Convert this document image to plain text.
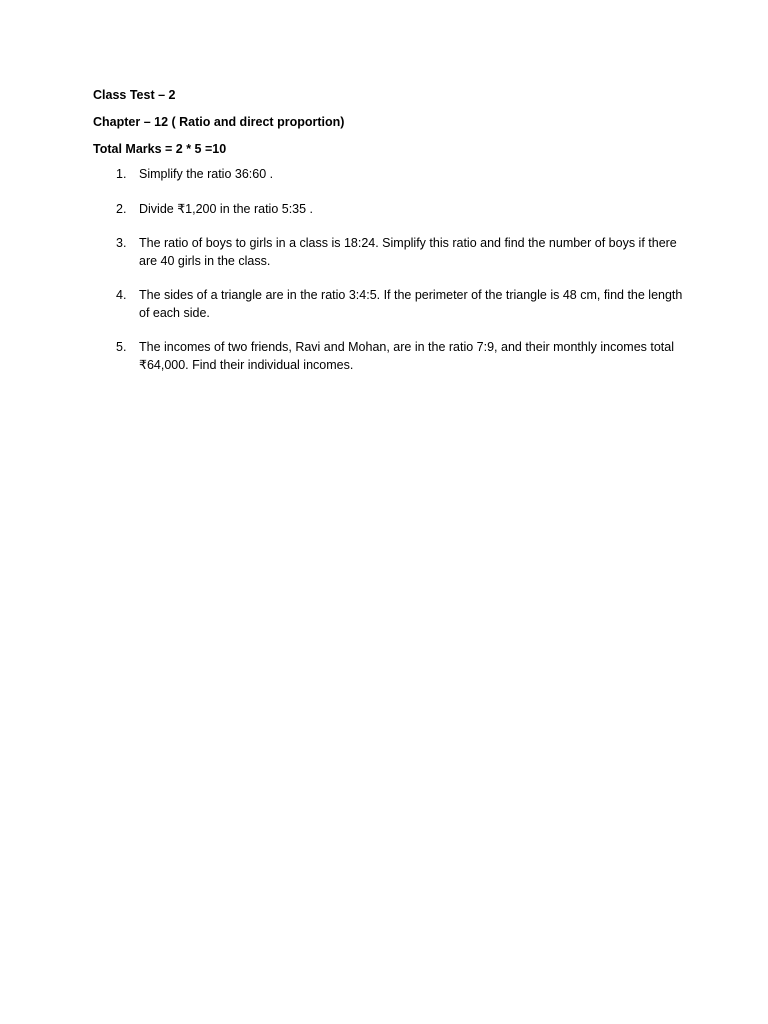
Class Test – 2

Chapter – 12 ( Ratio and direct proportion)

Total Marks = 2 * 5 =10

1. Simplify the ratio 36:60 .
2. Divide ₹1,200 in the ratio 5:35 .
3. The ratio of boys to girls in a class is 18:24. Simplify this ratio and find the number of boys if there are 40 girls in the class.
4. The sides of a triangle are in the ratio 3:4:5. If the perimeter of the triangle is 48 cm, find the length of each side.
5. The incomes of two friends, Ravi and Mohan, are in the ratio 7:9, and their monthly incomes total ₹64,000. Find their individual incomes.
